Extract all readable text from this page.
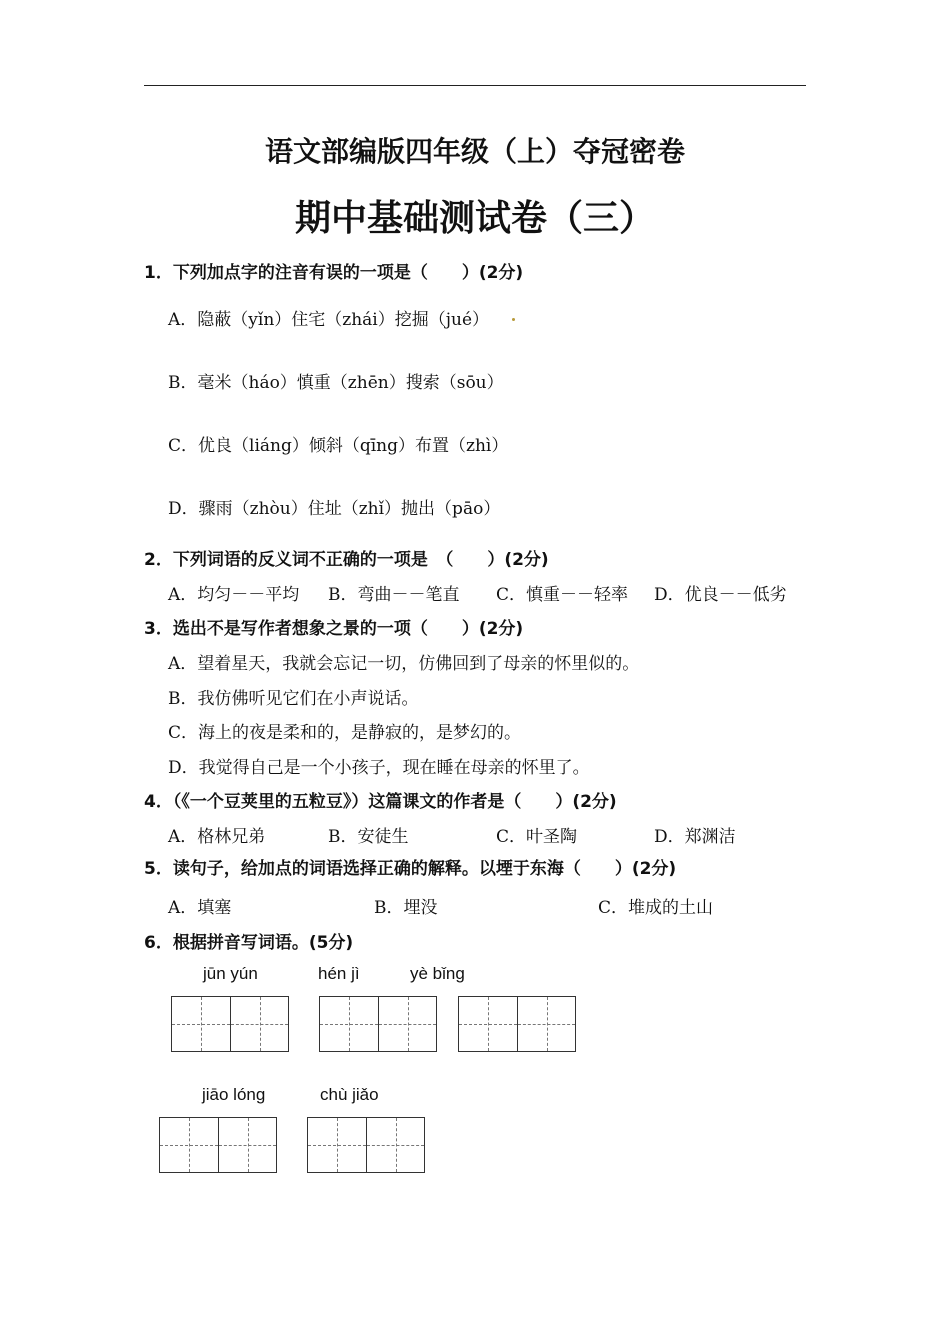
语文部编版四年级（上）夺冠密卷
期中基础测试卷（三）
1．下列加点字的注音有误的一项是（　　）(2分)
A．隐蔽（yǐn）住宅（zhái）挖掘（jué）
B．毫米（háo）慎重（zhēn）搜索（sōu）
C．优良（liáng）倾斜（qīng）布置（zhì）
D．骤雨（zhòu）住址（zhǐ）抛出（pāo）
2．下列词语的反义词不正确的一项是　（　　）(2分)
A．均匀－－平均 B．弯曲－－笔直 C．慎重－－轻率 D．优良－－低劣
3．选出不是写作者想象之景的一项（　　）(2分)
A．望着星天，我就会忘记一切，仿佛回到了母亲的怀里似的。
B．我仿佛听见它们在小声说话。
C．海上的夜是柔和的，是静寂的，是梦幻的。
D．我觉得自己是一个小孩子，现在睡在母亲的怀里了。
4．（《一个豆荚里的五粒豆》）这篇课文的作者是（　　）(2分)
A．格林兄弟	B．安徒生	C．叶圣陶	D．郑渊洁
5．读句子，给加点的词语选择正确的解释。以堙于东海（　　）(2分)
A．填塞	B．埋没	C．堆成的土山
6．根据拼音写词语。(5分)
jūn yún	hén jì	yè bǐng
jiāo lóng	chù jiǎo
